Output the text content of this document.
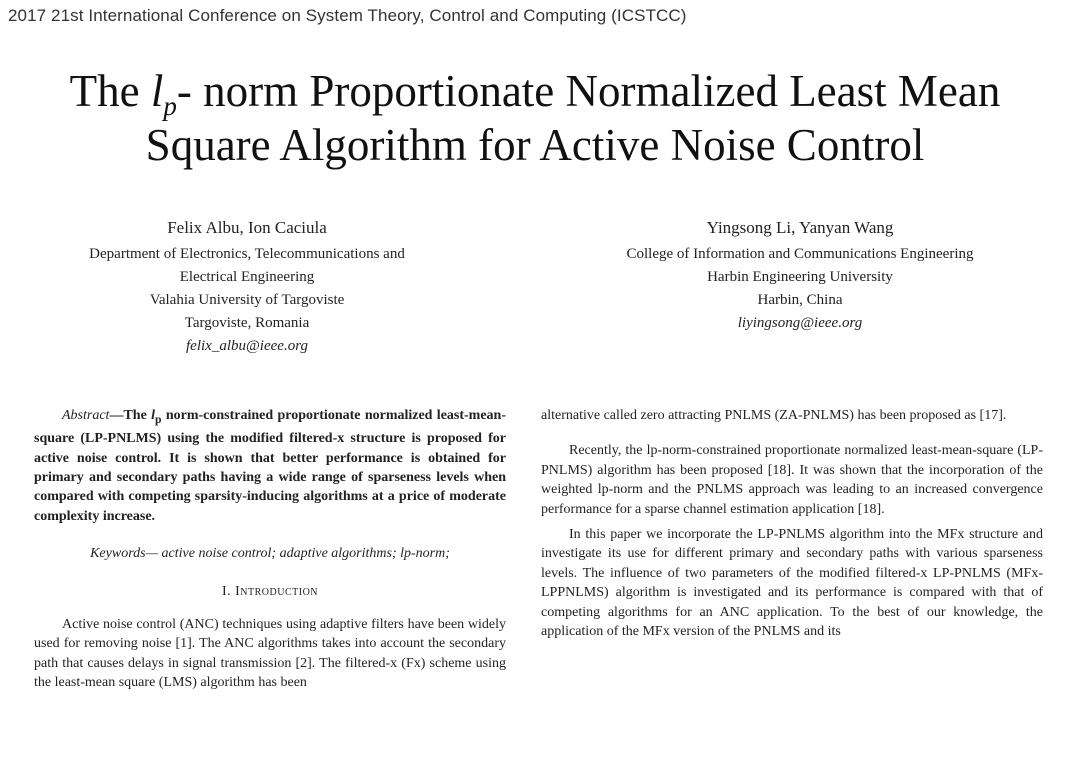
2017 21st International Conference on System Theory, Control and Computing (ICSTCC)
The $l_p-$ norm Proportionate Normalized Least Mean
Square Algorithm for Active Noise Control
Felix Albu, Ion Caciula
Department of Electronics, Telecommunications and
Electrical Engineering
Valahia University of Targoviste
Targoviste, Romania
felix_albu@ieee.org
Yingsong Li, Yanyan Wang
College of Information and Communications Engineering
Harbin Engineering University
Harbin, China
liyingsong@ieee.org

Abstract—The $l_p$ norm-constrained proportionate normalized least-mean-square (LP-PNLMS) using the modified filtered-x structure is proposed for active noise control. It is shown that better performance is obtained for primary and secondary paths having a wide range of sparseness levels when compared with competing sparsity-inducing algorithms at a price of moderate complexity increase.

Keywords— active noise control; adaptive algorithms; lp-norm;

I. Introduction

Active noise control (ANC) techniques using adaptive filters have been widely used for removing noise [1]. The ANC algorithms takes into account the secondary path that causes delays in signal transmission [2]. The filtered-x (Fx) scheme using the least-mean square (LMS) algorithm has been

alternative called zero attracting PNLMS (ZA-PNLMS) has been proposed as [17].

Recently, the lp-norm-constrained proportionate normalized least-mean-square (LP-PNLMS) algorithm has been proposed [18]. It was shown that the incorporation of the weighted lp-norm and the PNLMS approach was leading to an increased convergence performance for a sparse channel estimation application [18].

In this paper we incorporate the LP-PNLMS algorithm into the MFx structure and investigate its use for different primary and secondary paths with various sparseness levels. The influence of two parameters of the modified filtered-x LP-PNLMS (MFx-LPPNLMS) algorithm is investigated and its performance is compared with that of competing algorithms for an ANC application. To the best of our knowledge, the application of the MFx version of the PNLMS and its
